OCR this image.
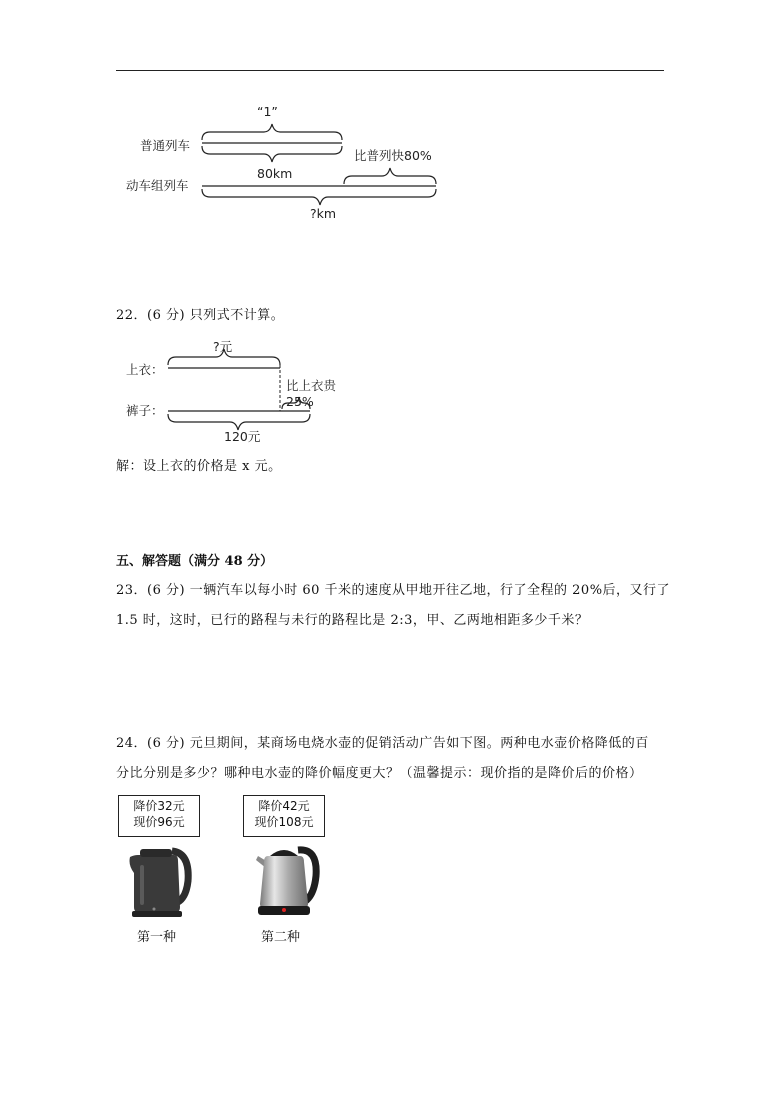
“1”
普通列车
80km
比普列快80%
动车组列车
?km
22．(6 分) 只列式不计算。
?元
上衣：
比上衣贵25%
裤子：
120元
解：设上衣的价格是 x 元。
五、解答题（满分 48 分）
23．(6 分) 一辆汽车以每小时 60 千米的速度从甲地开往乙地，行了全程的 20%后，又行了
1.5 时，这时，已行的路程与未行的路程比是 2:3，甲、乙两地相距多少千米？
24．(6 分) 元旦期间，某商场电烧水壶的促销活动广告如下图。两种电水壶价格降低的百
分比分别是多少？哪种电水壶的降价幅度更大？（温馨提示：现价指的是降价后的价格）
降价32元
现价96元
第一种
降价42元
现价108元
第二种
